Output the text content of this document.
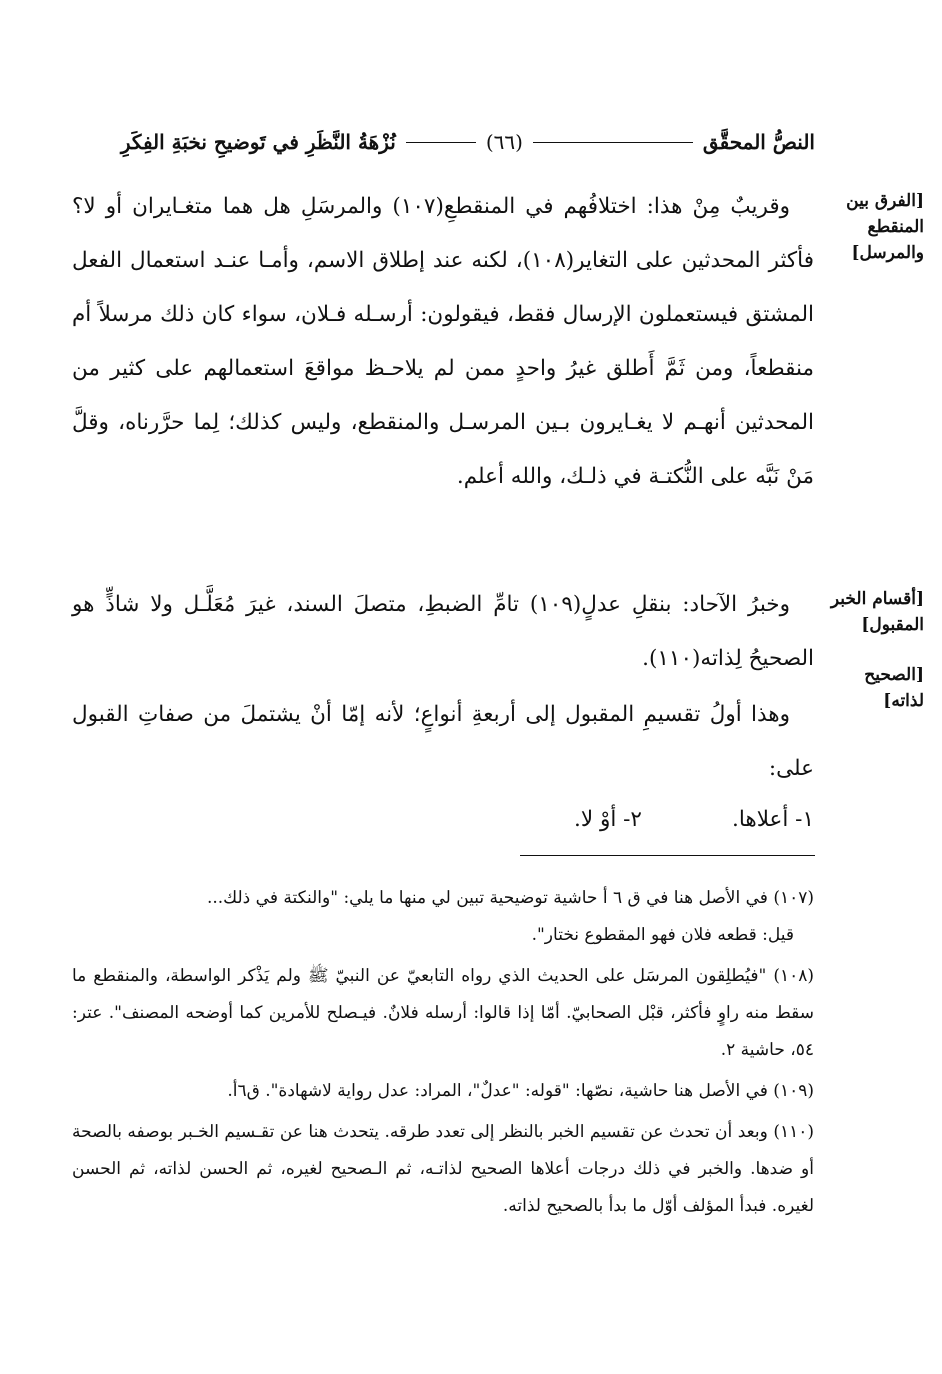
النصُّ المحقَّق
(٦٦)
نُزْهَةُ النَّظَرِ في تَوضيحِ نخبَةِ الفِكَرِ
[الفرق بين المنقطع والمرسل]
[أقسام الخبر المقبول]
[الصحيح لذاته]

وقريبٌ مِنْ هذا: اختلافُهم في المنقطعِ(١٠٧) والمرسَلِ هل هما متغـايران أو لا؟ فأكثر المحدثين على التغاير(١٠٨)، لكنه عند إطلاق الاسم، وأمـا عنـد استعمال الفعل المشتق فيستعملون الإرسال فقط، فيقولون: أرسـله فـلان، سواء كان ذلك مرسلاً أم منقطعاً، ومن ثَمَّ أَطلق غيرُ واحدٍ ممن لم يلاحـظ مواقعَ استعمالهم على كثير من المحدثين أنهـم لا يغـايرون بـين المرسـل والمنقطع، وليس كذلك؛ لِما حرَّرناه، وقلَّ مَنْ نَبَّه على النُّكتـة في ذلـك، والله أعلم.

وخبرُ الآحاد: بنقلِ عدلٍ(١٠٩) تامِّ الضبطِ، متصلَ السند، غيرَ مُعَلَّـل ولا شاذٍّ هو الصحيحُ لِذاته(١١٠).

وهذا أولُ تقسيمِ المقبول إلى أربعةِ أنواعٍ؛ لأنه إمّا أنْ يشتملَ من صفاتِ القبول على:

١- أعلاها.
٢- أوْ لا.

(١٠٧) في الأصل هنا في ق ٦ أ حاشية توضيحية تبين لي منها ما يلي: "والنكتة في ذلك...
قيل: قطعه فلان فهو المقطوع نختار".

(١٠٨) "فيُطلِقون المرسَل على الحديث الذي رواه التابعيّ عن النبيّ ﷺ ولم يَذْكر الواسطة، والمنقطع ما سقط منه راوٍ فأكثر، قبْل الصحابيّ. أمّا إذا قالوا: أرسله فلانٌ. فيـصلح للأمرين كما أوضحه المصنف". عتر: ٥٤، حاشية ٢.

(١٠٩) في الأصل هنا حاشية، نصّها: "قوله: "عدلٌ"، المراد: عدل رواية لاشهادة". ق٦أ.

(١١٠) وبعد أن تحدث عن تقسيم الخبر بالنظر إلى تعدد طرقه. يتحدث هنا عن تقـسيم الخـبر بوصفه بالصحة أو ضدها. والخبر في ذلك درجات أعلاها الصحيح لذاتـه، ثم الـصحيح لغيره، ثم الحسن لذاته، ثم الحسن لغيره. فبدأ المؤلف أوّل ما بدأ بالصحيح لذاته.
